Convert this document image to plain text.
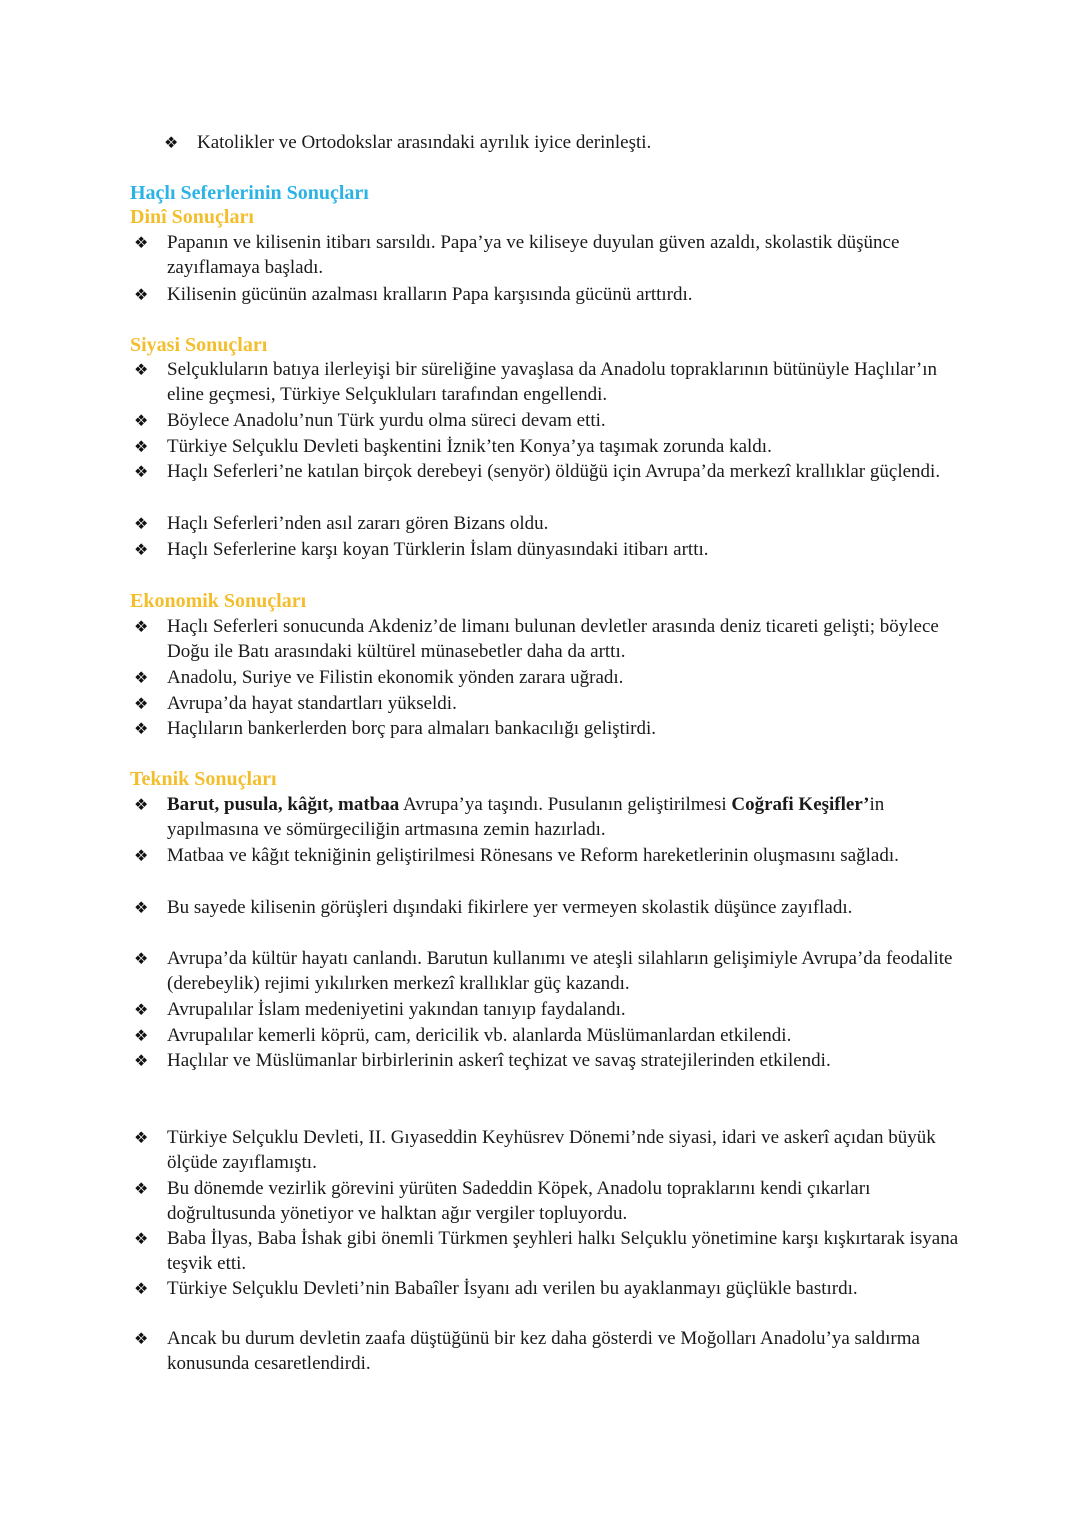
❖ Katolikler ve Ortodokslar arasındaki ayrılık iyice derinleşti.
Haçlı Seferlerinin Sonuçları
Dinî Sonuçları
❖ Papanın ve kilisenin itibarı sarsıldı. Papa’ya ve kiliseye duyulan güven azaldı, skolastik düşünce zayıflamaya başladı.
❖ Kilisenin gücünün azalması kralların Papa karşısında gücünü arttırdı.
Siyasi Sonuçları
❖ Selçukluların batıya ilerleyişi bir süreliğine yavaşlasa da Anadolu topraklarının bütünüyle Haçlılar’ın eline geçmesi, Türkiye Selçukluları tarafından engellendi.
❖ Böylece Anadolu’nun Türk yurdu olma süreci devam etti.
❖ Türkiye Selçuklu Devleti başkentini İznik’ten Konya’ya taşımak zorunda kaldı.
❖ Haçlı Seferleri’ne katılan birçok derebeyi (senyör) öldüğü için Avrupa’da merkezî krallıklar güçlendi.
❖ Haçlı Seferleri’nden asıl zararı gören Bizans oldu.
❖ Haçlı Seferlerine karşı koyan Türklerin İslam dünyasındaki itibarı arttı.
Ekonomik Sonuçları
❖ Haçlı Seferleri sonucunda Akdeniz’de limanı bulunan devletler arasında deniz ticareti gelişti; böylece Doğu ile Batı arasındaki kültürel münasebetler daha da arttı.
❖ Anadolu, Suriye ve Filistin ekonomik yönden zarara uğradı.
❖ Avrupa’da hayat standartları yükseldi.
❖ Haçlıların bankerlerden borç para almaları bankacılığı geliştirdi.
Teknik Sonuçları
❖ Barut, pusula, kâğıt, matbaa Avrupa’ya taşındı. Pusulanın geliştirilmesi Coğrafi Keşifler’in yapılmasına ve sömürgeciliğin artmasına zemin hazırladı.
❖ Matbaa ve kâğıt tekniğinin geliştirilmesi Rönesans ve Reform hareketlerinin oluşmasını sağladı.
❖ Bu sayede kilisenin görüşleri dışındaki fikirlere yer vermeyen skolastik düşünce zayıfladı.
❖ Avrupa’da kültür hayatı canlandı. Barutun kullanımı ve ateşli silahların gelişimiyle Avrupa’da feodalite (derebeylik) rejimi yıkılırken merkezî krallıklar güç kazandı.
❖ Avrupalılar İslam medeniyetini yakından tanıyıp faydalandı.
❖ Avrupalılar kemerli köprü, cam, dericilik vb. alanlarda Müslümanlardan etkilendi.
❖ Haçlılar ve Müslümanlar birbirlerinin askerî teçhizat ve savaş stratejilerinden etkilendi.
❖ Türkiye Selçuklu Devleti, II. Gıyaseddin Keyhüsrev Dönemi’nde siyasi, idari ve askerî açıdan büyük ölçüde zayıflamıştı.
❖ Bu dönemde vezirlik görevini yürüten Sadeddin Köpek, Anadolu topraklarını kendi çıkarları doğrultusunda yönetiyor ve halktan ağır vergiler topluyordu.
❖ Baba İlyas, Baba İshak gibi önemli Türkmen şeyhleri halkı Selçuklu yönetimine karşı kışkırtarak isyana teşvik etti.
❖ Türkiye Selçuklu Devleti’nin Babaîler İsyanı adı verilen bu ayaklanmayı güçlükle bastırdı.
❖ Ancak bu durum devletin zaafa düştüğünü bir kez daha gösterdi ve Moğolları Anadolu’ya saldırma konusunda cesaretlendirdi.
